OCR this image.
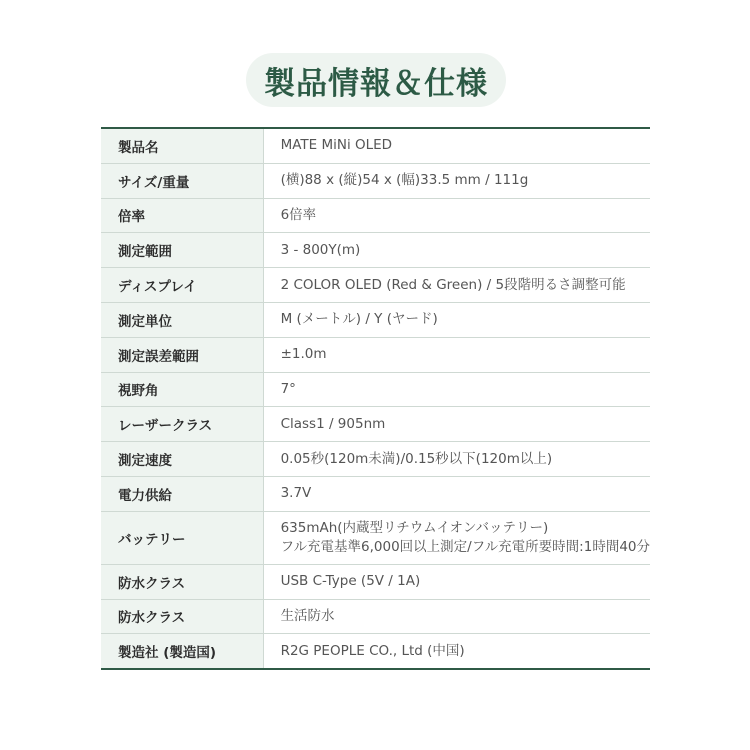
製品情報＆仕様
製品名	MATE MiNi OLED

サイズ/重量	(横)88 x (縦)54 x (幅)33.5 mm / 111g

倍率	6倍率

測定範囲	3 - 800Y(m)

ディスプレイ	2 COLOR OLED (Red & Green) / 5段階明るさ調整可能

測定単位	M (メートル) / Y (ヤード)

測定誤差範囲	±1.0m

視野角	7°

レーザークラス	Class1 / 905nm

測定速度	0.05秒(120m未満)/0.15秒以下(120m以上)

電力供給	3.7V

バッテリー	635mAh(内蔵型リチウムイオンバッテリー)
フル充電基準6,000回以上測定/フル充電所要時間:1時間40分

防水クラス	USB C-Type (5V / 1A)

防水クラス	生活防水

製造社 (製造国)	R2G PEOPLE CO., Ltd (中国)
